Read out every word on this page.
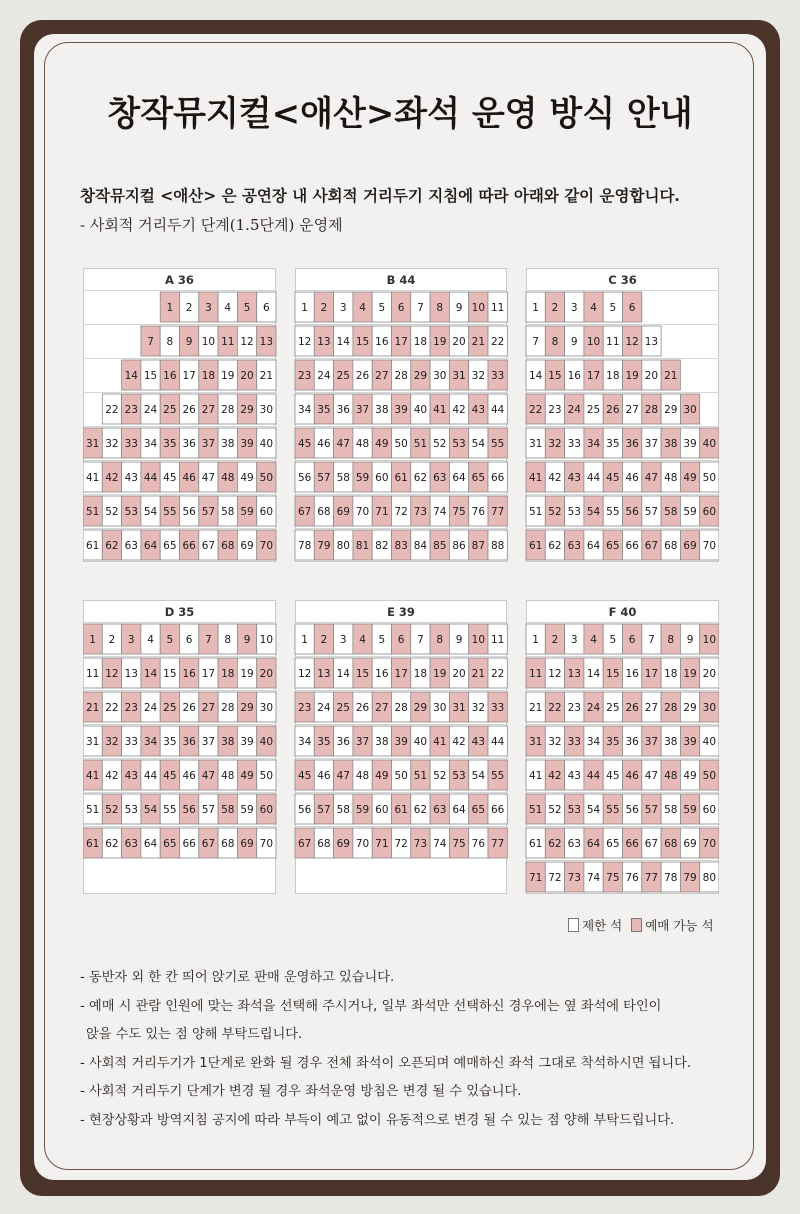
창작뮤지컬<애산>좌석 운영 방식 안내

창작뮤지컬 <애산> 은 공연장 내 사회적 거리두기 지침에 따라 아래와 같이 운영합니다.

- 사회적 거리두기 단계(1.5단계) 운영제

A 36
1 2 3 4 5 6
7 8 9 10 11 12 13
14 15 16 17 18 19 20 21
22 23 24 25 26 27 28 29 30
31 32 33 34 35 36 37 38 39 40
41 42 43 44 45 46 47 48 49 50
51 52 53 54 55 56 57 58 59 60
61 62 63 64 65 66 67 68 69 70
B 44
1 2 3 4 5 6 7 8 9 10 11
12 13 14 15 16 17 18 19 20 21 22
23 24 25 26 27 28 29 30 31 32 33
34 35 36 37 38 39 40 41 42 43 44
45 46 47 48 49 50 51 52 53 54 55
56 57 58 59 60 61 62 63 64 65 66
67 68 69 70 71 72 73 74 75 76 77
78 79 80 81 82 83 84 85 86 87 88
C 36
1 2 3 4 5 6
7 8 9 10 11 12 13
14 15 16 17 18 19 20 21
22 23 24 25 26 27 28 29 30
31 32 33 34 35 36 37 38 39 40
41 42 43 44 45 46 47 48 49 50
51 52 53 54 55 56 57 58 59 60
61 62 63 64 65 66 67 68 69 70
D 35
1 2 3 4 5 6 7 8 9 10
11 12 13 14 15 16 17 18 19 20
21 22 23 24 25 26 27 28 29 30
31 32 33 34 35 36 37 38 39 40
41 42 43 44 45 46 47 48 49 50
51 52 53 54 55 56 57 58 59 60
61 62 63 64 65 66 67 68 69 70
E 39
1 2 3 4 5 6 7 8 9 10 11
12 13 14 15 16 17 18 19 20 21 22
23 24 25 26 27 28 29 30 31 32 33
34 35 36 37 38 39 40 41 42 43 44
45 46 47 48 49 50 51 52 53 54 55
56 57 58 59 60 61 62 63 64 65 66
67 68 69 70 71 72 73 74 75 76 77
F 40
1 2 3 4 5 6 7 8 9 10
11 12 13 14 15 16 17 18 19 20
21 22 23 24 25 26 27 28 29 30
31 32 33 34 35 36 37 38 39 40
41 42 43 44 45 46 47 48 49 50
51 52 53 54 55 56 57 58 59 60
61 62 63 64 65 66 67 68 69 70
71 72 73 74 75 76 77 78 79 80
제한 석 예매 가능 석
- 동반자 외 한 칸 띄어 앉기로 판매 운영하고 있습니다.
- 예매 시 관람 인원에 맞는 좌석을 선택해 주시거나, 일부 좌석만 선택하신 경우에는 옆 좌석에 타인이
앉을 수도 있는 점 양해 부탁드립니다.
- 사회적 거리두기가 1단계로 완화 될 경우 전체 좌석이 오픈되며 예매하신 좌석 그대로 착석하시면 됩니다.
- 사회적 거리두기 단계가 변경 될 경우 좌석운영 방침은 변경 될 수 있습니다.
- 현장상황과 방역지침 공지에 따라 부득이 예고 없이 유동적으로 변경 될 수 있는 점 양해 부탁드립니다.
